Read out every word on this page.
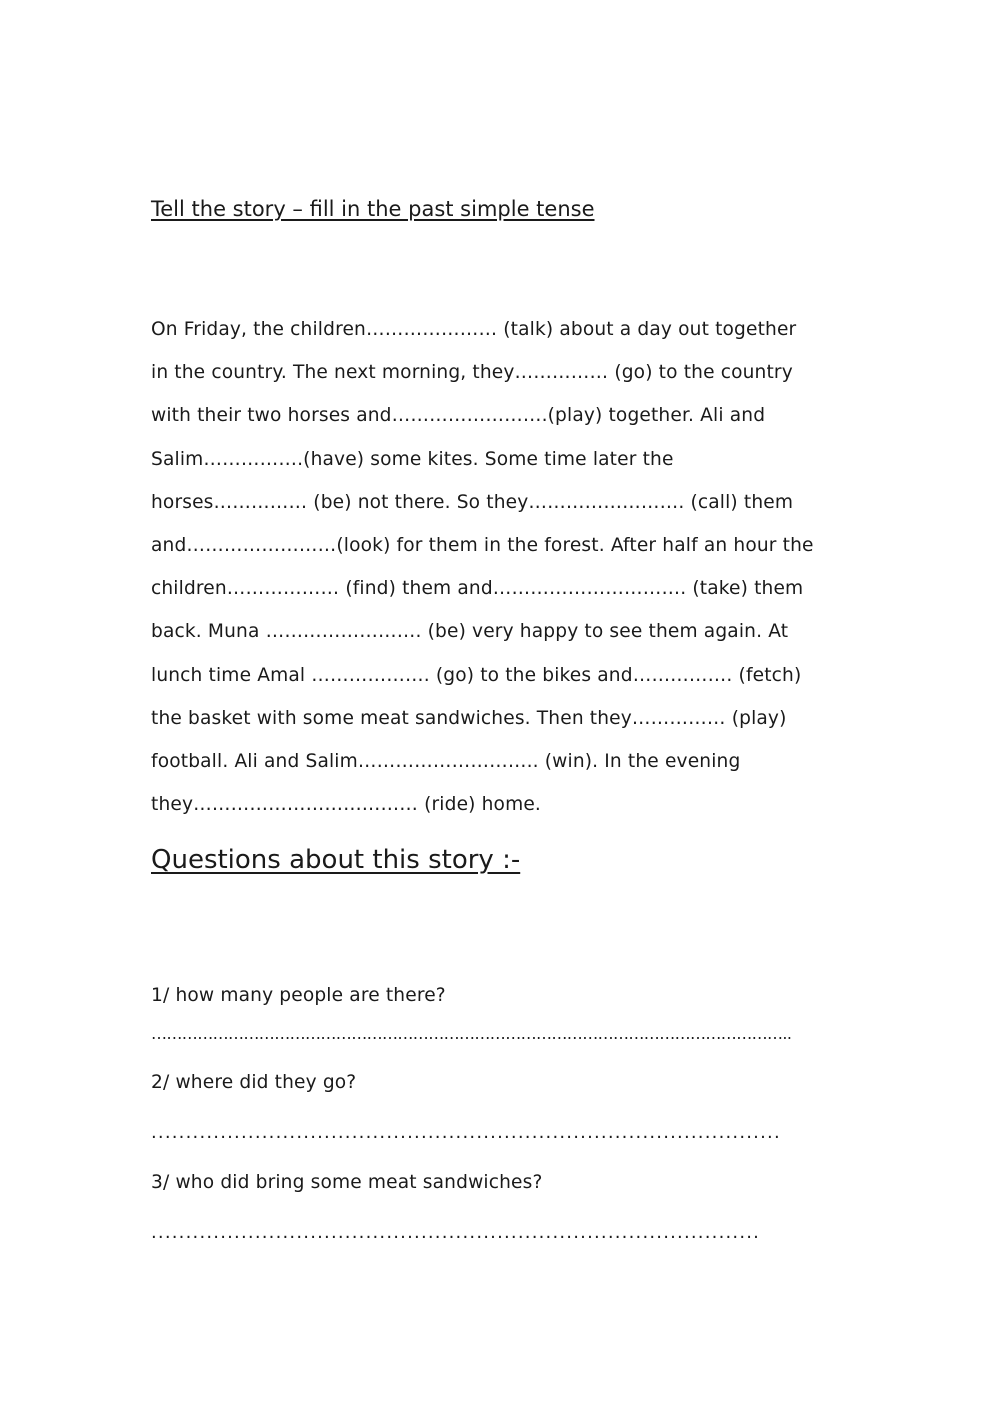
Tell the story – fill in the past simple tense
On Friday, the children………………… (talk) about a day out together
in the country. The next morning, they…………… (go) to the country
with their two horses and…………………….(play) together. Ali and
Salim…………….(have) some kites. Some time later the
horses…………… (be) not there. So they……………………. (call) them
and……………………(look) for them in the forest. After half an hour the
children……………… (find) them and…………………………. (take) them
back. Muna ……………………. (be) very happy to see them again. At
lunch time Amal ………………. (go) to the bikes and……………. (fetch)
the basket with some meat sandwiches. Then they…………… (play)
football. Ali and Salim……………………….. (win). In the evening
they……………………………… (ride) home.
Questions about this story :-

1/ how many people are there?

……………………………………………………………………………………………………………..

2/ where did they go?

...........................................................................................

3/ who did bring some meat sandwiches?

........................................................................................
